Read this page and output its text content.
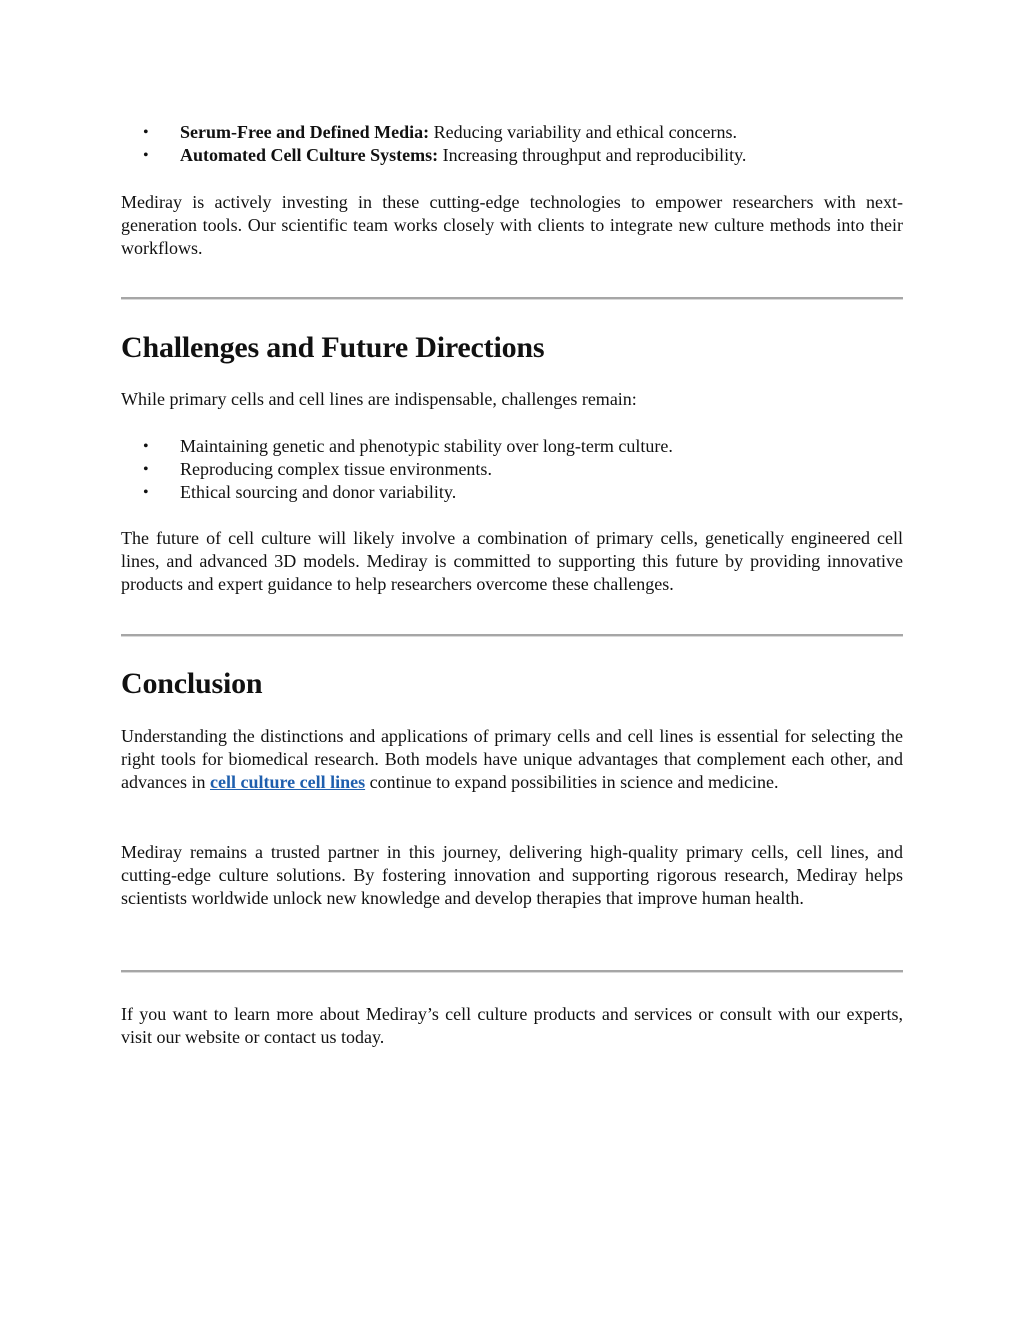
• Serum-Free and Defined Media: Reducing variability and ethical concerns.
• Automated Cell Culture Systems: Increasing throughput and reproducibility.

Mediray is actively investing in these cutting-edge technologies to empower researchers with next-generation tools. Our scientific team works closely with clients to integrate new culture methods into their workflows.

Challenges and Future Directions

While primary cells and cell lines are indispensable, challenges remain:

• Maintaining genetic and phenotypic stability over long-term culture.
• Reproducing complex tissue environments.
• Ethical sourcing and donor variability.

The future of cell culture will likely involve a combination of primary cells, genetically engineered cell lines, and advanced 3D models. Mediray is committed to supporting this future by providing innovative products and expert guidance to help researchers overcome these challenges.

Conclusion

Understanding the distinctions and applications of primary cells and cell lines is essential for selecting the right tools for biomedical research. Both models have unique advantages that complement each other, and advances in cell culture cell lines continue to expand possibilities in science and medicine.

Mediray remains a trusted partner in this journey, delivering high-quality primary cells, cell lines, and cutting-edge culture solutions. By fostering innovation and supporting rigorous research, Mediray helps scientists worldwide unlock new knowledge and develop therapies that improve human health.

If you want to learn more about Mediray’s cell culture products and services or consult with our experts, visit our website or contact us today.
